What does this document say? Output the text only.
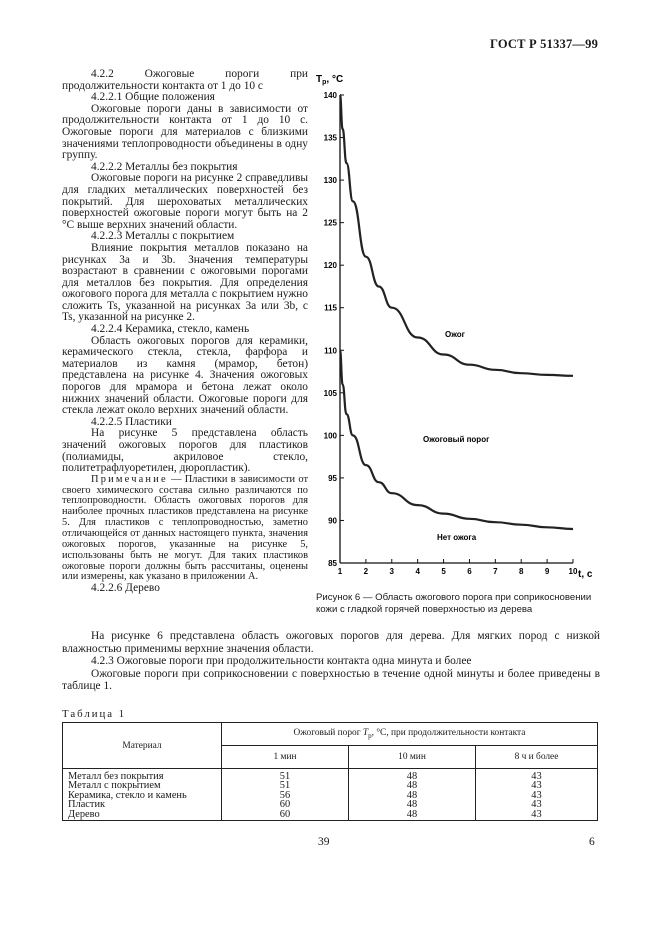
ГОСТ Р 51337—99

4.2.2 Ожоговые пороги при продолжительности контакта от 1 до 10 с

4.2.2.1 Общие положения

Ожоговые пороги даны в зависимости от продолжительности контакта от 1 до 10 с. Ожоговые пороги для материалов с близкими значениями теплопроводности объединены в одну группу.

4.2.2.2 Металлы без покрытия

Ожоговые пороги на рисунке 2 справедливы для гладких металлических поверхностей без покрытий. Для шероховатых металлических поверхностей ожоговые пороги могут быть на 2 °С выше верхних значений области.

4.2.2.3 Металлы с покрытием

Влияние покрытия металлов показано на рисунках 3а и 3b. Значения температуры возрастают в сравнении с ожоговыми порогами для металлов без покрытия. Для определения ожогового порога для металла с покрытием нужно сложить Ts, указанной на рисунках 3а или 3b, с Ts, указанной на рисунке 2.

4.2.2.4 Керамика, стекло, камень

Область ожоговых порогов для керамики, керамического стекла, стекла, фарфора и материалов из камня (мрамор, бетон) представлена на рисунке 4. Значения ожоговых порогов для мрамора и бетона лежат около нижних значений области. Ожоговые пороги для стекла лежат около верхних значений области.

4.2.2.5 Пластики

На рисунке 5 представлена область значений ожоговых порогов для пластиков (полиамиды, акриловое стекло, политетрафлуоретилен, дюропластик).

Примечание — Пластики в зависимости от своего химического состава сильно различаются по теплопроводности. Область ожоговых порогов для наиболее прочных пластиков представлена на рисунке 5. Для пластиков с теплопроводностью, заметно отличающейся от данных настоящего пункта, значения ожоговых порогов, указанные на рисунке 5, использованы быть не могут. Для таких пластиков ожоговые пороги должны быть рассчитаны, оценены или измерены, как указано в приложении А.

4.2.2.6 Дерево

140
135
130
125
120
115
110
105
100
95
90
85
1	2	3	4	5	6	7	8	9 10
$T_p$, °C
t, c
Ожог
Ожоговый порог
Нет ожога
Рисунок 6 — Область ожогового порога при соприкосновении кожи с гладкой горячей поверхностью из дерева

На рисунке 6 представлена область ожоговых порогов для дерева. Для мягких пород с низкой влажностью применимы верхние значения области.

4.2.3 Ожоговые пороги при продолжительности контакта одна минута и более

Ожоговые пороги при соприкосновении с поверхностью в течение одной минуты и более приведены в таблице 1.

Таблица 1
Материал	Ожоговый порог $T_p$, °С, при продолжительности контакта		
	1 мин	10 мин	8 ч и более
Металл без покрытия	51	48	43
Металл с покрытием	51	48	43
Керамика, стекло и камень	56	48	43
Пластик	60	48	43
Дерево	60	48	43
39	6
